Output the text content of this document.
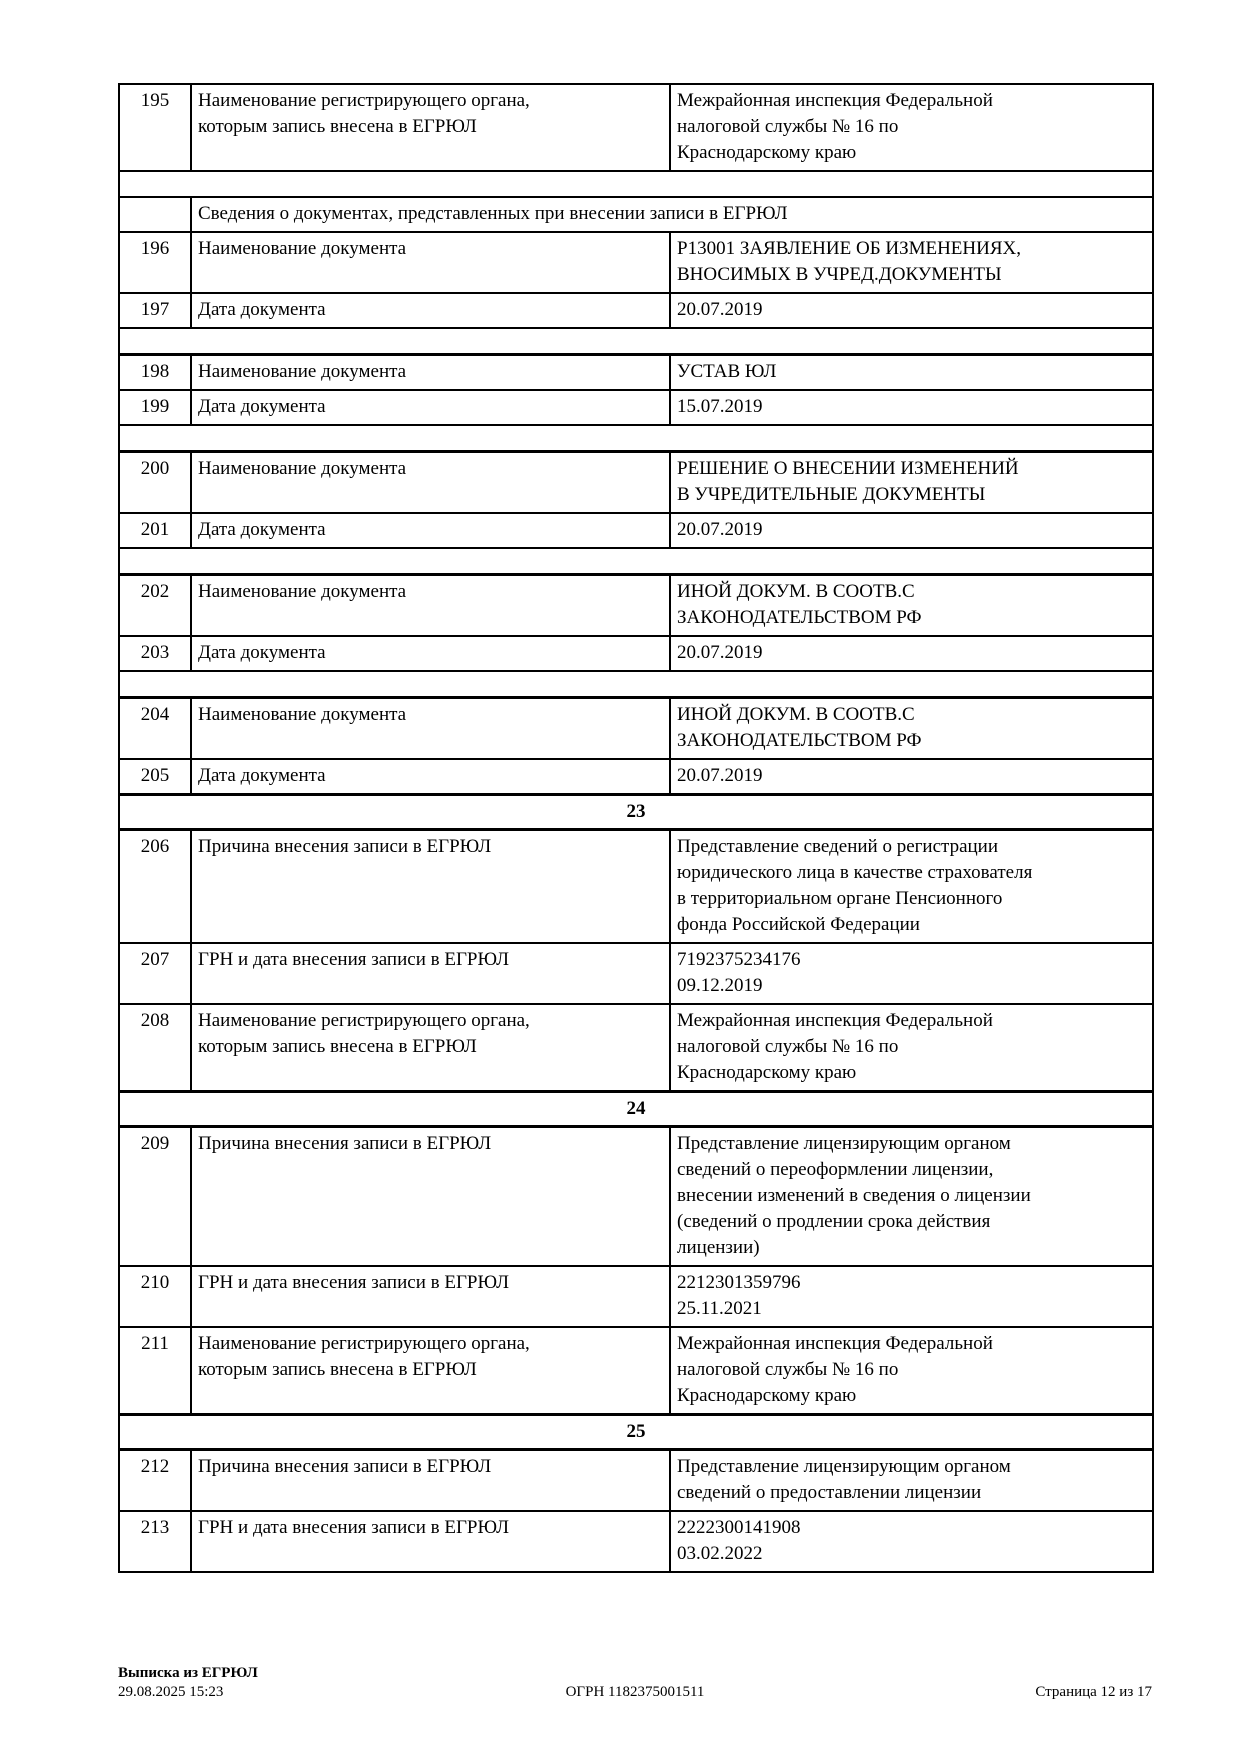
195	Наименование регистрирующего органа,
которым запись внесена в ЕГРЮЛ	Межрайонная инспекция Федеральной
налоговой службы № 16 по
Краснодарскому краю

	Сведения о документах, представленных при внесении записи в ЕГРЮЛ	
196	Наименование документа	Р13001 ЗАЯВЛЕНИЕ ОБ ИЗМЕНЕНИЯХ,
ВНОСИМЫХ В УЧРЕД.ДОКУМЕНТЫ
197	Дата документа	20.07.2019

198	Наименование документа	УСТАВ ЮЛ
199	Дата документа	15.07.2019

200	Наименование документа	РЕШЕНИЕ О ВНЕСЕНИИ ИЗМЕНЕНИЙ
В УЧРЕДИТЕЛЬНЫЕ ДОКУМЕНТЫ
201	Дата документа	20.07.2019

202	Наименование документа	ИНОЙ ДОКУМ. В СООТВ.С
ЗАКОНОДАТЕЛЬСТВОМ РФ
203	Дата документа	20.07.2019

204	Наименование документа	ИНОЙ ДОКУМ. В СООТВ.С
ЗАКОНОДАТЕЛЬСТВОМ РФ
205	Дата документа	20.07.2019
23		
206	Причина внесения записи в ЕГРЮЛ	Представление сведений о регистрации
юридического лица в качестве страхователя
в территориальном органе Пенсионного
фонда Российской Федерации
207	ГРН и дата внесения записи в ЕГРЮЛ	7192375234176
09.12.2019
208	Наименование регистрирующего органа,
которым запись внесена в ЕГРЮЛ	Межрайонная инспекция Федеральной
налоговой службы № 16 по
Краснодарскому краю
24		
209	Причина внесения записи в ЕГРЮЛ	Представление лицензирующим органом
сведений о переоформлении лицензии,
внесении изменений в сведения о лицензии
(сведений о продлении срока действия
лицензии)
210	ГРН и дата внесения записи в ЕГРЮЛ	2212301359796
25.11.2021
211	Наименование регистрирующего органа,
которым запись внесена в ЕГРЮЛ	Межрайонная инспекция Федеральной
налоговой службы № 16 по
Краснодарскому краю
25		
212	Причина внесения записи в ЕГРЮЛ	Представление лицензирующим органом
сведений о предоставлении лицензии
213	ГРН и дата внесения записи в ЕГРЮЛ	2222300141908
03.02.2022
Выписка из ЕГРЮЛ
29.08.2025 15:23	ОГРН 1182375001511	Страница 12 из 17
